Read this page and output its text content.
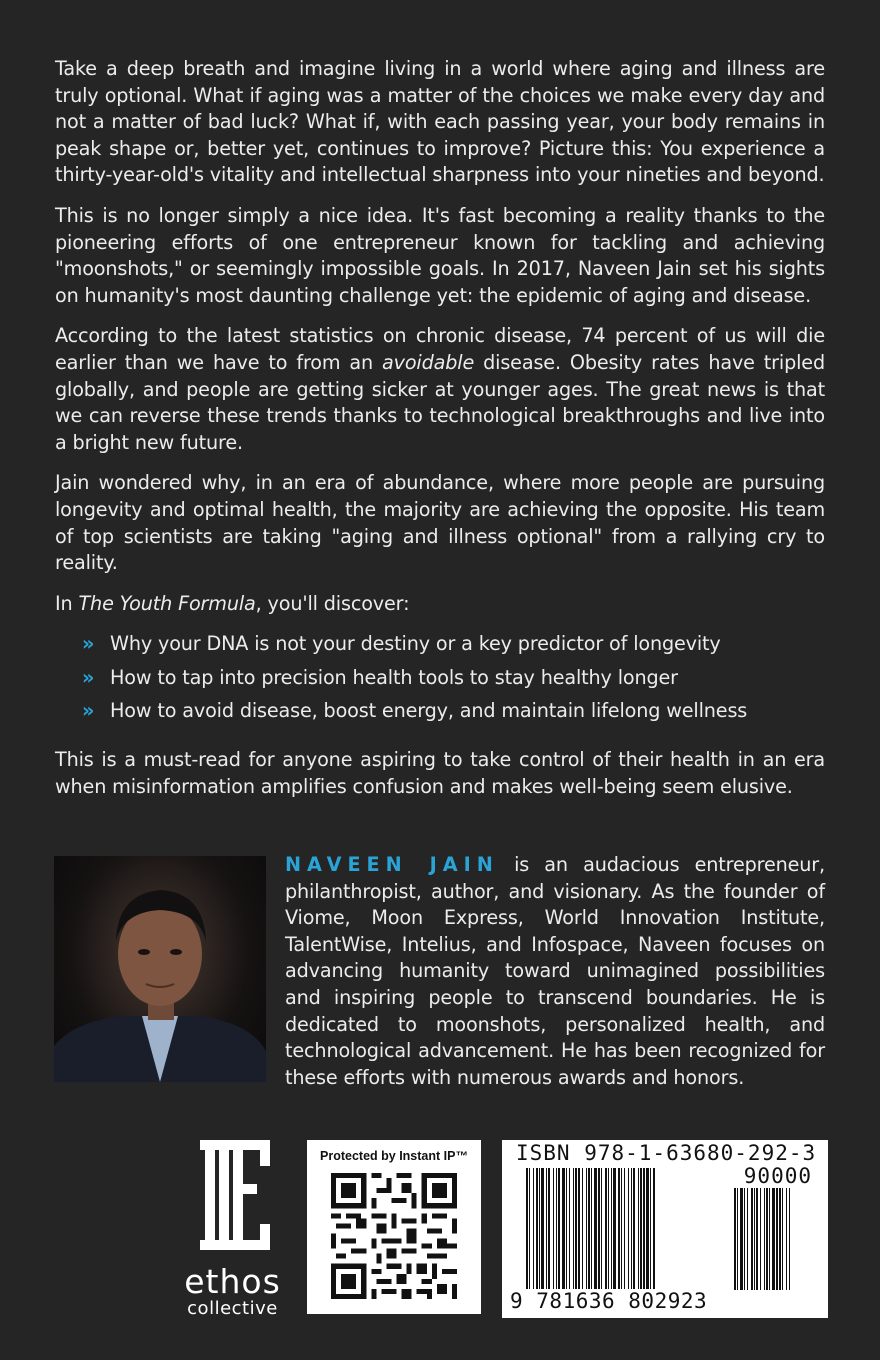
Take a deep breath and imagine living in a world where aging and illness are truly optional. What if aging was a matter of the choices we make every day and not a matter of bad luck? What if, with each passing year, your body remains in peak shape or, better yet, continues to improve? Picture this: You experience a thirty-year-old's vitality and intellectual sharpness into your nineties and beyond.

This is no longer simply a nice idea. It's fast becoming a reality thanks to the pioneering efforts of one entrepreneur known for tackling and achieving "moonshots," or seemingly impossible goals. In 2017, Naveen Jain set his sights on humanity's most daunting challenge yet: the epidemic of aging and disease.

According to the latest statistics on chronic disease, 74 percent of us will die earlier than we have to from an avoidable disease. Obesity rates have tripled globally, and people are getting sicker at younger ages. The great news is that we can reverse these trends thanks to technological breakthroughs and live into a bright new future.

Jain wondered why, in an era of abundance, where more people are pursuing longevity and optimal health, the majority are achieving the opposite. His team of top scientists are taking "aging and illness optional" from a rallying cry to reality.

In The Youth Formula, you'll discover:

» Why your DNA is not your destiny or a key predictor of longevity
» How to tap into precision health tools to stay healthy longer
» How to avoid disease, boost energy, and maintain lifelong wellness

This is a must-read for anyone aspiring to take control of their health in an era when misinformation amplifies confusion and makes well-being seem elusive.

NAVEEN JAIN is an audacious entrepreneur, philanthropist, author, and visionary. As the founder of Viome, Moon Express, World Innovation Institute, TalentWise, Intelius, and Infospace, Naveen focuses on advancing humanity toward unimagined possibilities and inspiring people to transcend boundaries. He is dedicated to moonshots, personalized health, and technological advancement. He has been recognized for these efforts with numerous awards and honors.
ethos
collective
Protected by Instant IP™	ISBN 978-1-63680-292-3
90000
9 781636 802923
